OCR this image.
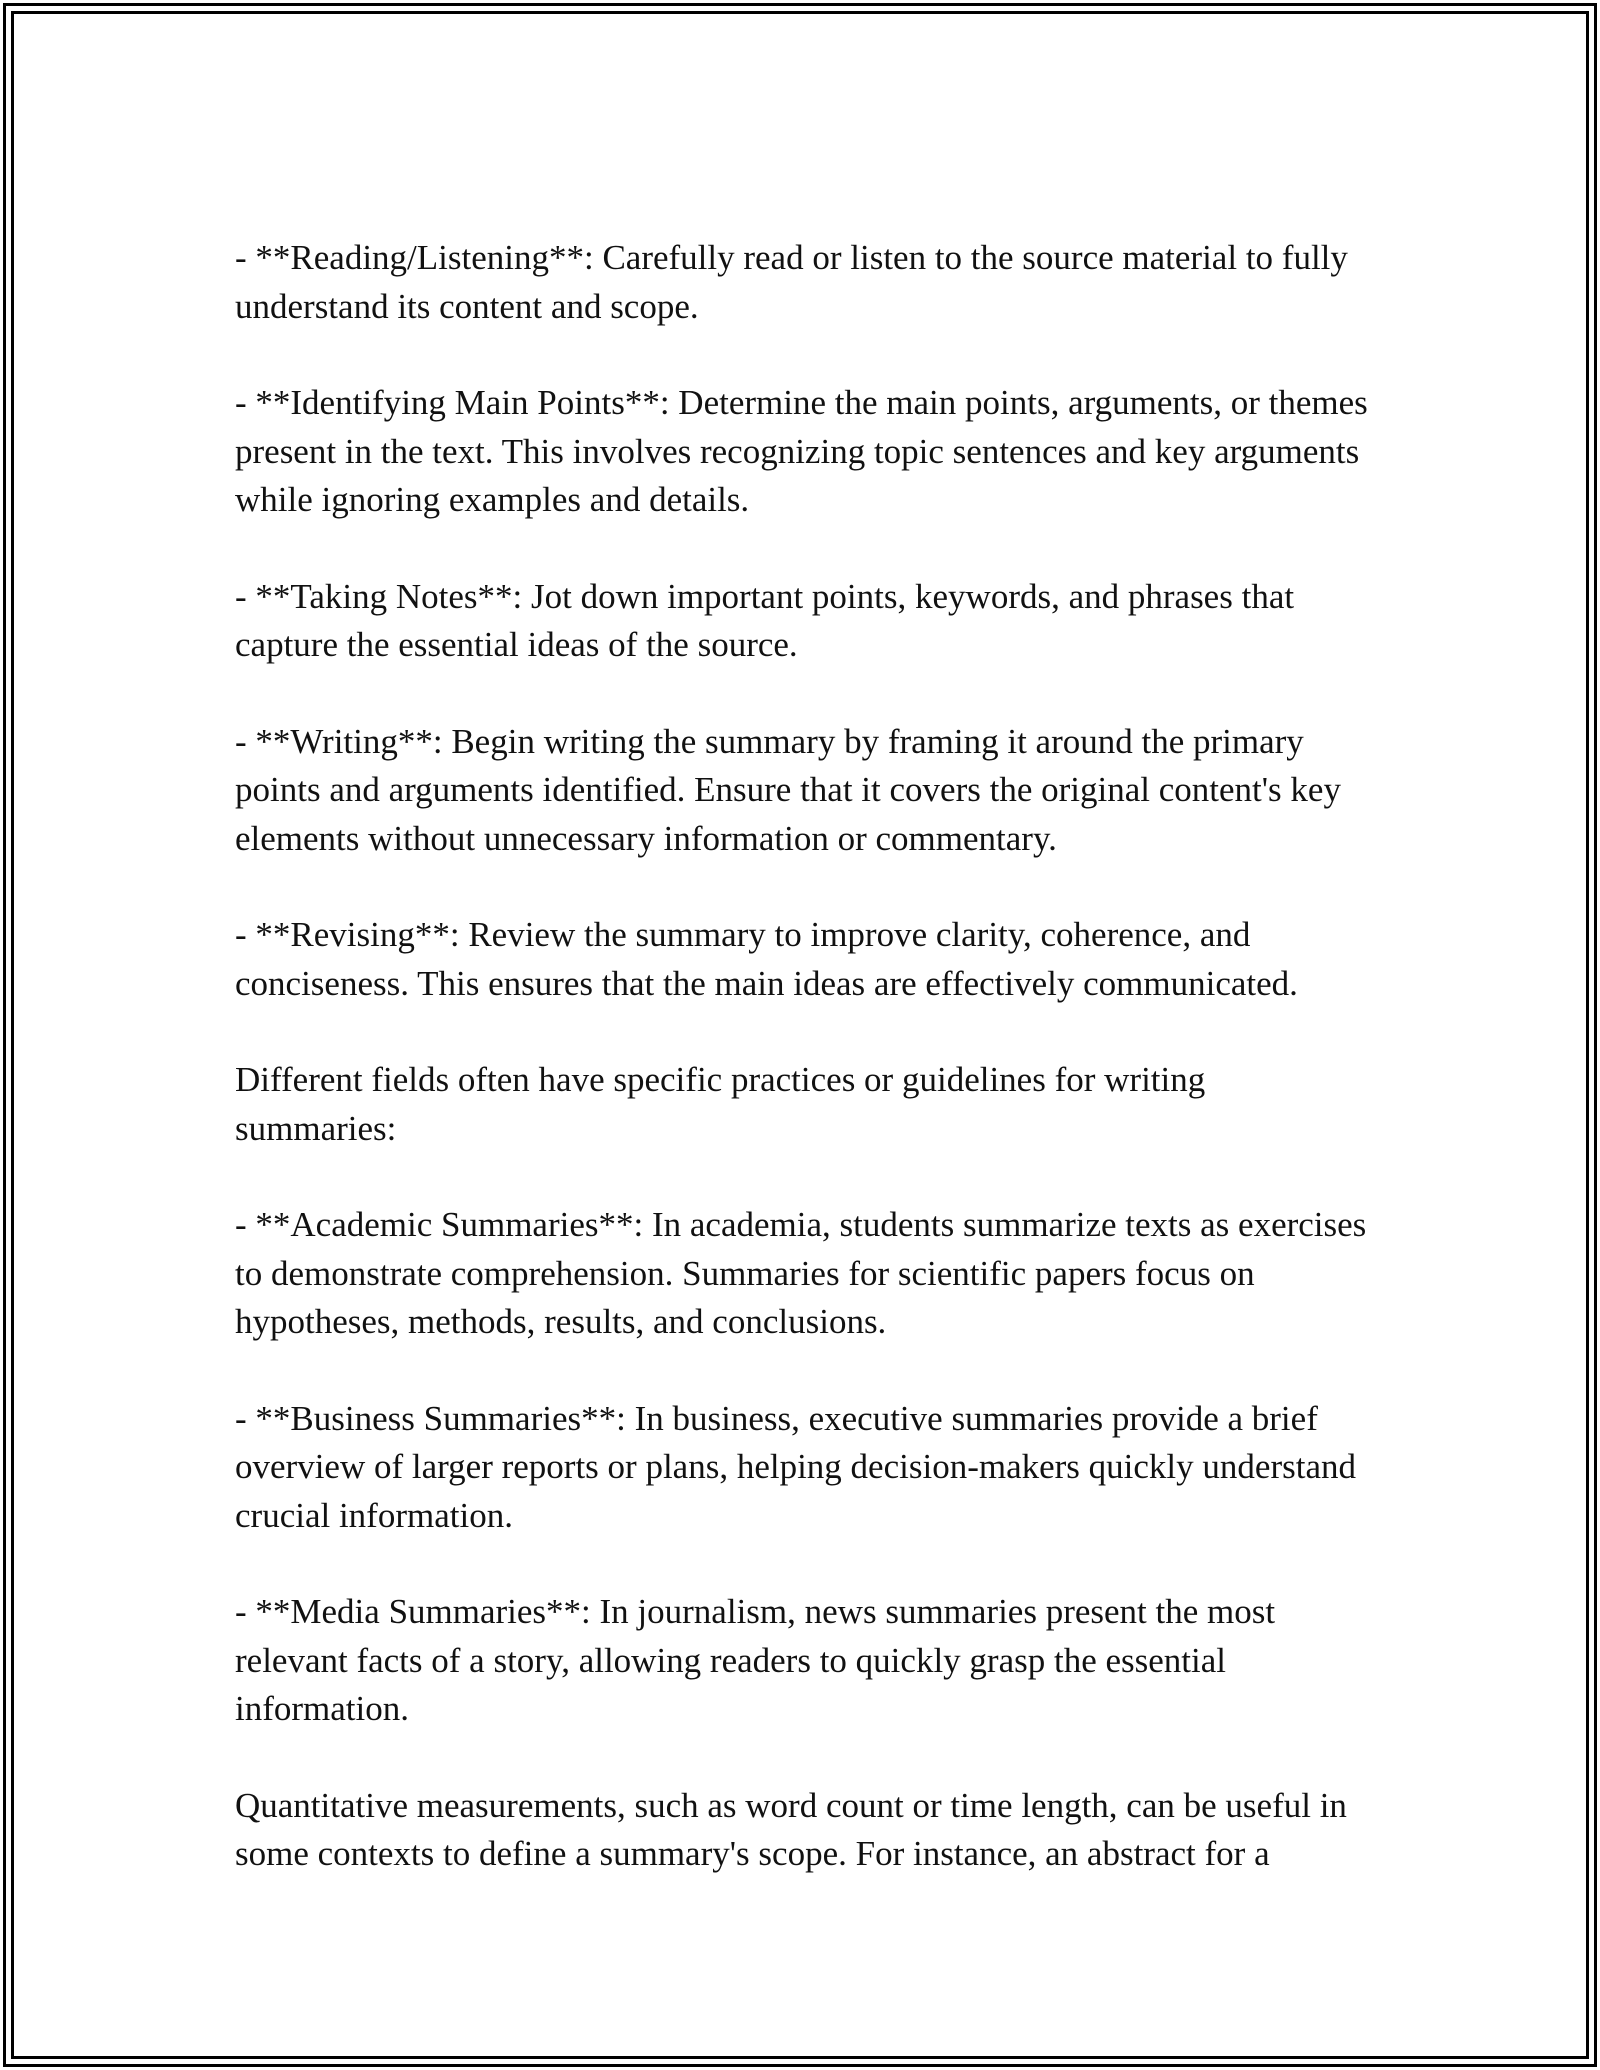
- **Reading/Listening**: Carefully read or listen to the source material to fully understand its content and scope.

- **Identifying Main Points**: Determine the main points, arguments, or themes present in the text. This involves recognizing topic sentences and key arguments while ignoring examples and details.

- **Taking Notes**: Jot down important points, keywords, and phrases that capture the essential ideas of the source.

- **Writing**: Begin writing the summary by framing it around the primary points and arguments identified. Ensure that it covers the original content's key elements without unnecessary information or commentary.

- **Revising**: Review the summary to improve clarity, coherence, and conciseness. This ensures that the main ideas are effectively communicated.

Different fields often have specific practices or guidelines for writing summaries:

- **Academic Summaries**: In academia, students summarize texts as exercises to demonstrate comprehension. Summaries for scientific papers focus on hypotheses, methods, results, and conclusions.

- **Business Summaries**: In business, executive summaries provide a brief overview of larger reports or plans, helping decision-makers quickly understand crucial information.

- **Media Summaries**: In journalism, news summaries present the most relevant facts of a story, allowing readers to quickly grasp the essential information.

Quantitative measurements, such as word count or time length, can be useful in some contexts to define a summary's scope. For instance, an abstract for a
